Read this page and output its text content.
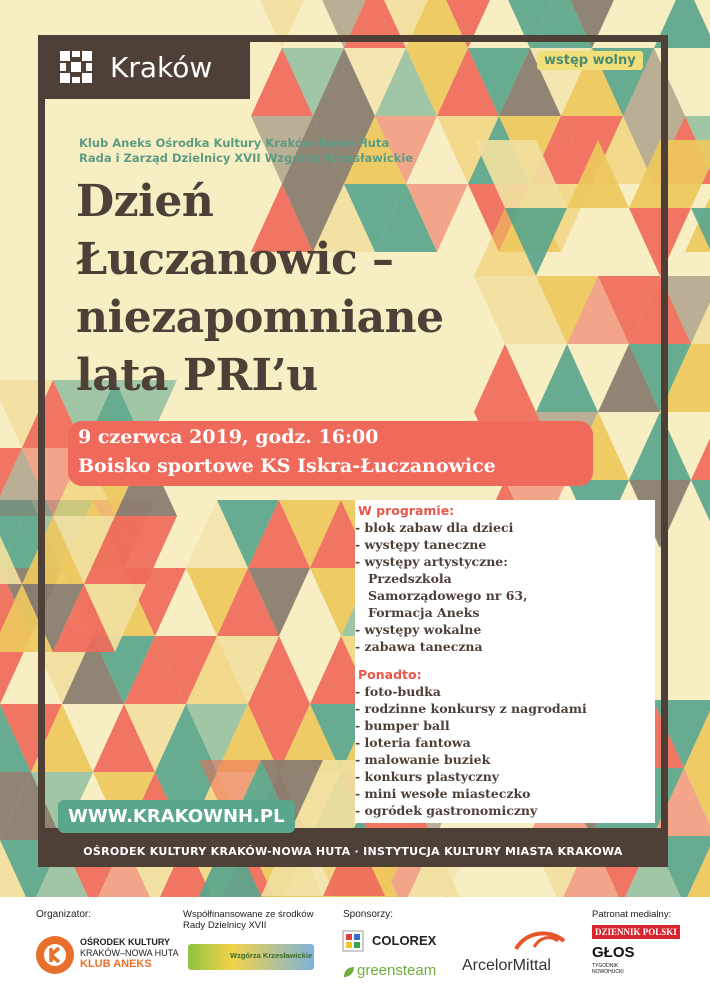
Kraków	wstęp wolny
Klub Aneks Ośrodka Kultury Kraków-Nowa Huta
Rada i Zarząd Dzielnicy XVII Wzgórza Krzesławickie
Dzień
Łuczanowic –
niezapomniane
lata PRL’u
9 czerwca 2019, godz. 16:00
Boisko sportowe KS Iskra-Łuczanowice
W programie:
- blok zabaw dla dzieci
- występy taneczne
- występy artystyczne:
Przedszkola
Samorządowego nr 63,
Formacja Aneks
- występy wokalne
- zabawa taneczna
Ponadto:
- foto-budka
- rodzinne konkursy z nagrodami
- bumper ball
- loteria fantowa
- malowanie buziek
- konkurs plastyczny
- mini wesołe miasteczko
- ogródek gastronomiczny
WWW.KRAKOWNH.PL
OŚRODEK KULTURY KRAKÓW-NOWA HUTA · INSTYTUCJA KULTURY MIASTA KRAKOWA
Organizator:
OŚRODEK KULTURY
KRAKÓW–NOWA HUTA
KLUB ANEKS
Współfinansowane ze środków
Rady Dzielnicy XVII
Wzgórza Krzesławickie
Sponsorzy:
COLOREX
greensteam ArcelorMittal
Patronat medialny:
DZIENNIK POLSKI
GŁOS
TYGODNIK NOWOHUCKI
